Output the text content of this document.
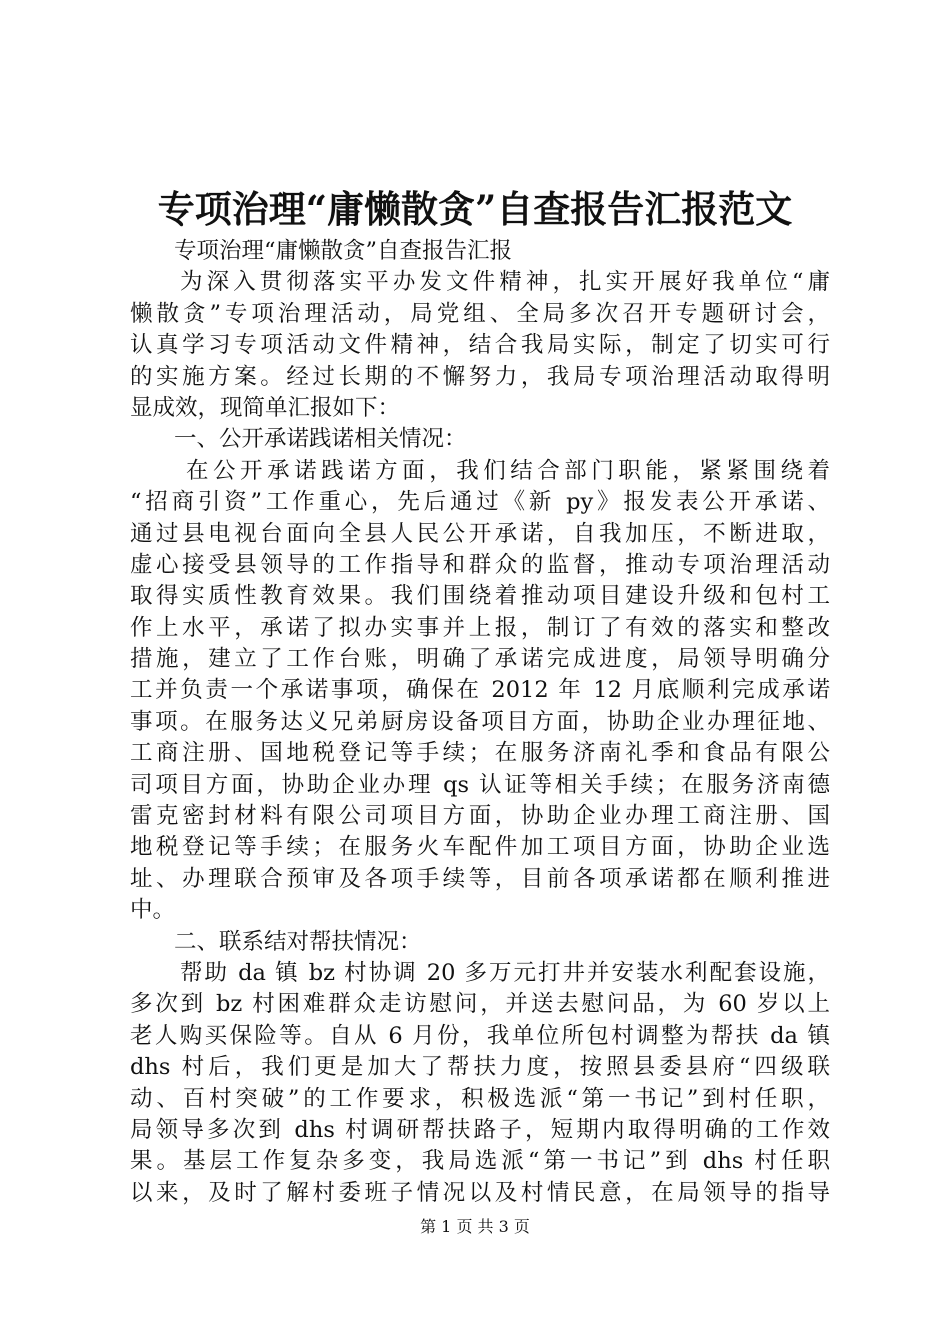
专项治理“庸懒散贪”自查报告汇报范文
专项治理“庸懒散贪”自查报告汇报
为深入贯彻落实平办发文件精神，扎实开展好我单位“庸
懒散贪”专项治理活动，局党组、全局多次召开专题研讨会，
认真学习专项活动文件精神，结合我局实际，制定了切实可行
的实施方案。经过长期的不懈努力，我局专项治理活动取得明
显成效，现简单汇报如下：
一、公开承诺践诺相关情况：
在公开承诺践诺方面，我们结合部门职能，紧紧围绕着
“招商引资”工作重心，先后通过《新 py》报发表公开承诺、
通过县电视台面向全县人民公开承诺，自我加压，不断进取，
虚心接受县领导的工作指导和群众的监督，推动专项治理活动
取得实质性教育效果。我们围绕着推动项目建设升级和包村工
作上水平，承诺了拟办实事并上报，制订了有效的落实和整改
措施，建立了工作台账，明确了承诺完成进度，局领导明确分
工并负责一个承诺事项，确保在 2012 年 12 月底顺利完成承诺
事项。在服务达义兄弟厨房设备项目方面，协助企业办理征地、
工商注册、国地税登记等手续；在服务济南礼季和食品有限公
司项目方面，协助企业办理 qs 认证等相关手续；在服务济南德
雷克密封材料有限公司项目方面，协助企业办理工商注册、国
地税登记等手续；在服务火车配件加工项目方面，协助企业选
址、办理联合预审及各项手续等，目前各项承诺都在顺利推进
中。
二、联系结对帮扶情况：
帮助 da 镇 bz 村协调 20 多万元打井并安装水利配套设施，
多次到 bz 村困难群众走访慰问，并送去慰问品，为 60 岁以上
老人购买保险等。自从 6 月份，我单位所包村调整为帮扶 da 镇
dhs 村后，我们更是加大了帮扶力度，按照县委县府“四级联
动、百村突破”的工作要求，积极选派“第一书记”到村任职，
局领导多次到 dhs 村调研帮扶路子，短期内取得明确的工作效
果。基层工作复杂多变，我局选派“第一书记”到 dhs 村任职
以来，及时了解村委班子情况以及村情民意，在局领导的指导
第 1 页 共 3 页
